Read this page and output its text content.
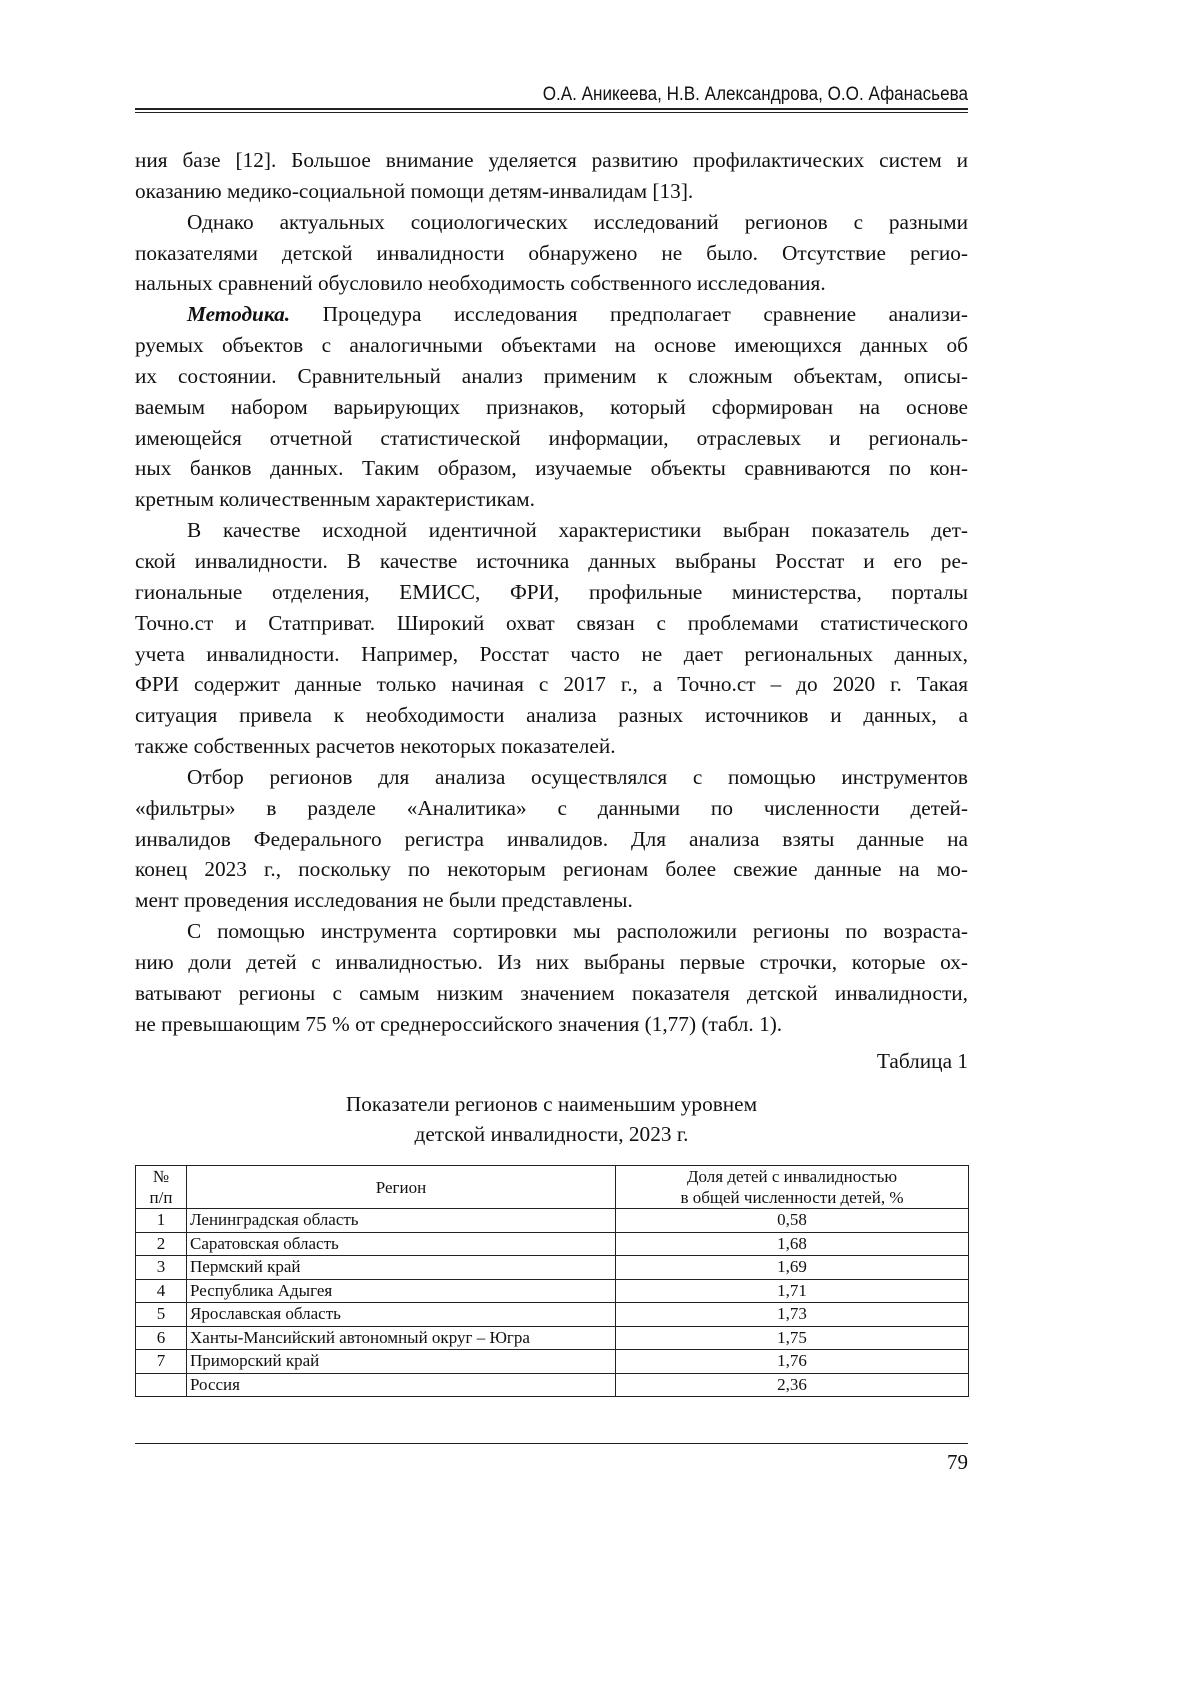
О.А. Аникеева, Н.В. Александрова, О.О. Афанасьева
ния базе [12]. Большое внимание уделяется развитию профилактических систем и
оказанию медико-социальной помощи детям-инвалидам [13].
Однако актуальных социологических исследований регионов с разными
показателями детской инвалидности обнаружено не было. Отсутствие регио-
нальных сравнений обусловило необходимость собственного исследования.
Методика. Процедура исследования предполагает сравнение анализи-
руемых объектов с аналогичными объектами на основе имеющихся данных об
их состоянии. Сравнительный анализ применим к сложным объектам, описы-
ваемым набором варьирующих признаков, который сформирован на основе
имеющейся отчетной статистической информации, отраслевых и региональ-
ных банков данных. Таким образом, изучаемые объекты сравниваются по кон-
кретным количественным характеристикам.
В качестве исходной идентичной характеристики выбран показатель дет-
ской инвалидности. В качестве источника данных выбраны Росстат и его ре-
гиональные отделения, ЕМИСС, ФРИ, профильные министерства, порталы
Точно.ст и Статприват. Широкий охват связан с проблемами статистического
учета инвалидности. Например, Росстат часто не дает региональных данных,
ФРИ содержит данные только начиная с 2017 г., а Точно.ст – до 2020 г. Такая
ситуация привела к необходимости анализа разных источников и данных, а
также собственных расчетов некоторых показателей.
Отбор регионов для анализа осуществлялся с помощью инструментов
«фильтры» в разделе «Аналитика» с данными по численности детей-
инвалидов Федерального регистра инвалидов. Для анализа взяты данные на
конец 2023 г., поскольку по некоторым регионам более свежие данные на мо-
мент проведения исследования не были представлены.
С помощью инструмента сортировки мы расположили регионы по возраста-
нию доли детей с инвалидностью. Из них выбраны первые строчки, которые ох-
ватывают регионы с самым низким значением показателя детской инвалидности,
не превышающим 75 % от среднероссийского значения (1,77) (табл. 1).
Таблица 1
Показатели регионов с наименьшим уровнем
детской инвалидности, 2023 г.
№
п/п
	Регион	
Доля детей с инвалидностью
в общей численности детей, %

1	Ленинградская область	0,58
2	Саратовская область	1,68
3	Пермский край	1,69
4	Республика Адыгея	1,71
5	Ярославская область	1,73
6	Ханты-Мансийский автономный округ – Югра	1,75
7	Приморский край	1,76
	Россия	2,36
79
